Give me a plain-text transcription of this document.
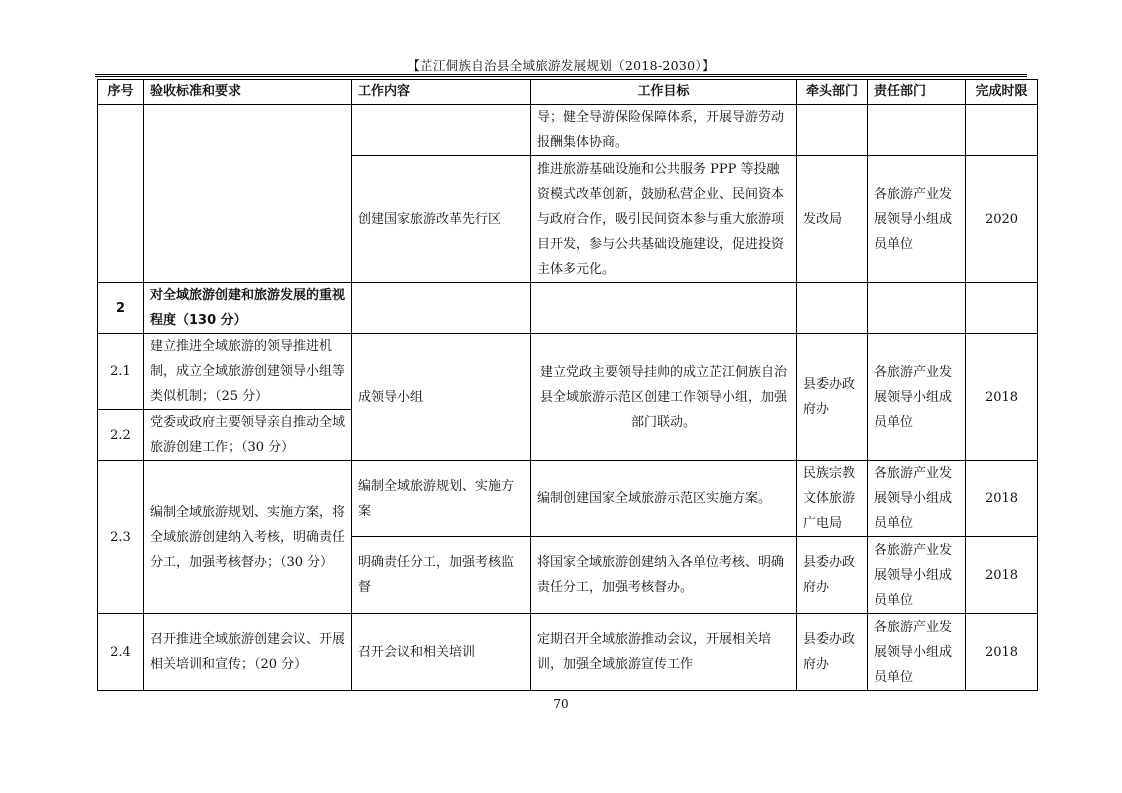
【芷江侗族自治县全域旅游发展规划（2018-2030）】
序号	验收标准和要求	工作内容	工作目标	牵头部门	责任部门	完成时限
			导；健全导游保险保障体系，开展导游劳动报酬集体协商。			
		创建国家旅游改革先行区	推进旅游基础设施和公共服务 PPP 等投融资模式改革创新，鼓励私营企业、民间资本与政府合作，吸引民间资本参与重大旅游项目开发，参与公共基础设施建设，促进投资主体多元化。	发改局	各旅游产业发展领导小组成员单位	2020
2	对全域旅游创建和旅游发展的重视程度（130 分）					
2.1	建立推进全域旅游的领导推进机制，成立全域旅游创建领导小组等类似机制；（25 分）	成领导小组	建立党政主要领导挂帅的成立芷江侗族自治县全域旅游示范区创建工作领导小组，加强部门联动。	县委办政府办	各旅游产业发展领导小组成员单位	2018
2.2	党委或政府主要领导亲自推动全域旅游创建工作；（30 分）					
2.3	编制全域旅游规划、实施方案，将全域旅游创建纳入考核，明确责任分工，加强考核督办；（30 分）	编制全域旅游规划、实施方案	编制创建国家全域旅游示范区实施方案。	民族宗教文体旅游广电局	各旅游产业发展领导小组成员单位	2018
		明确责任分工，加强考核监督	将国家全域旅游创建纳入各单位考核、明确责任分工，加强考核督办。	县委办政府办	各旅游产业发展领导小组成员单位	2018
2.4	召开推进全域旅游创建会议、开展相关培训和宣传；（20 分）	召开会议和相关培训	定期召开全域旅游推动会议，开展相关培训，加强全域旅游宣传工作	县委办政府办	各旅游产业发展领导小组成员单位	2018
70
